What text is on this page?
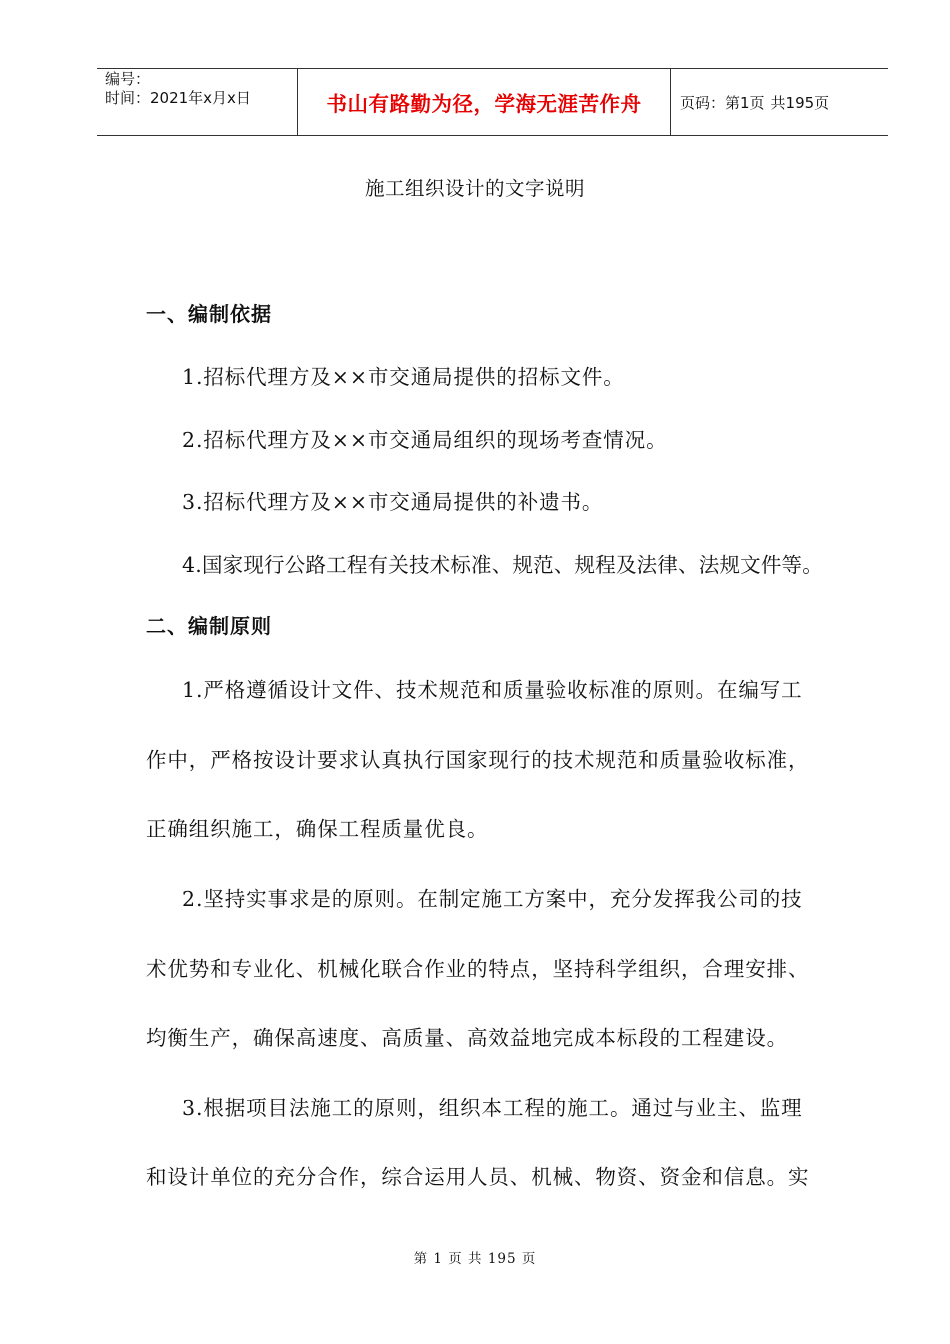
编号：
时间：2021年x月x日	书山有路勤为径，学海无涯苦作舟	页码：第1页 共195页
施工组织设计的文字说明
一、编制依据
1.招标代理方及××市交通局提供的招标文件。
2.招标代理方及××市交通局组织的现场考查情况。
3.招标代理方及××市交通局提供的补遗书。
4.国家现行公路工程有关技术标准、规范、规程及法律、法规文件等。
二、编制原则
1.严格遵循设计文件、技术规范和质量验收标准的原则。在编写工
作中，严格按设计要求认真执行国家现行的技术规范和质量验收标准，
正确组织施工，确保工程质量优良。
2.坚持实事求是的原则。在制定施工方案中，充分发挥我公司的技
术优势和专业化、机械化联合作业的特点，坚持科学组织，合理安排、
均衡生产，确保高速度、高质量、高效益地完成本标段的工程建设。
3.根据项目法施工的原则，组织本工程的施工。通过与业主、监理
和设计单位的充分合作，综合运用人员、机械、物资、资金和信息。实
第 1 页 共 195 页
